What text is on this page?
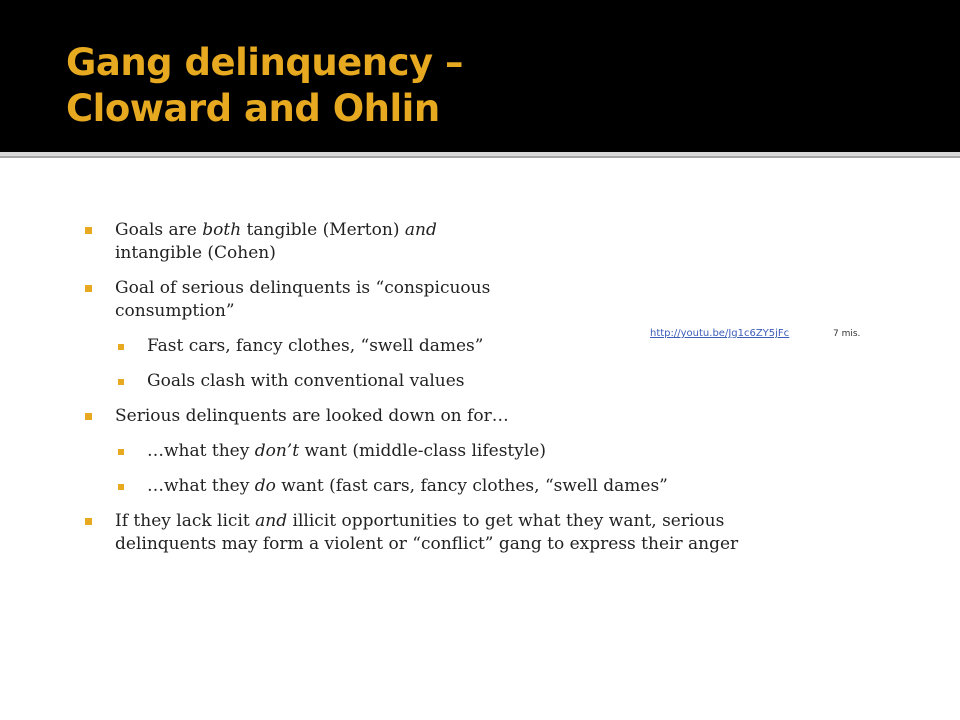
Gang delinquency –
Cloward and Ohlin
Goals are both tangible (Merton) and intangible (Cohen)
Goal of serious delinquents is “conspicuous consumption”
Fast cars, fancy clothes, “swell dames”
Goals clash with conventional values
Serious delinquents are looked down on for…
…what they don’t want (middle-class lifestyle)
…what they do want (fast cars, fancy clothes, “swell dames”
If they lack licit and illicit opportunities to get what they want, serious delinquents may form a violent or “conflict” gang to express their anger
http://youtu.be/Jg1c6ZY5jFc	7 mis.
